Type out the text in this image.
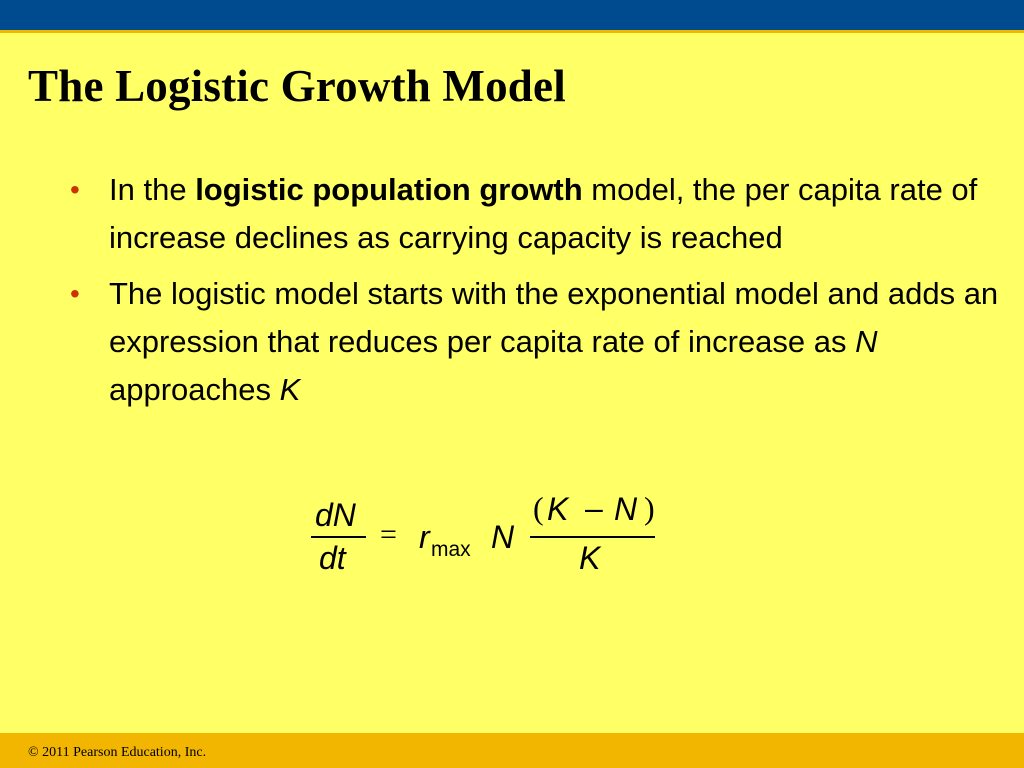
The Logistic Growth Model
• In the logistic population growth model, the per capita rate of increase declines as carrying capacity is reached
• The logistic model starts with the exponential model and adds an expression that reduces per capita rate of increase as N approaches K
dN
dt
= r max N
( K – N )
K
© 2011 Pearson Education, Inc.
